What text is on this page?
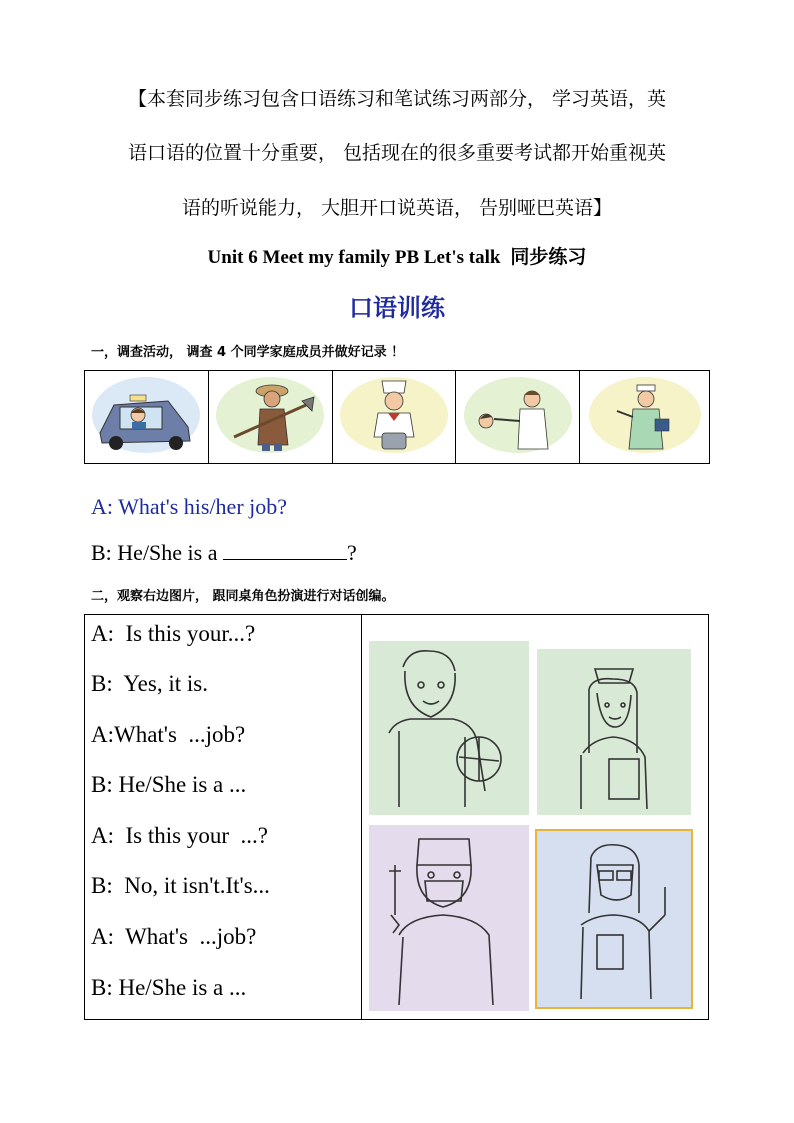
【本套同步练习包含口语练习和笔试练习两部分， 学习英语，英
语口语的位置十分重要， 包括现在的很多重要考试都开始重视英
语的听说能力， 大胆开口说英语， 告别哑巴英语】
Unit 6 Meet my family PB Let's talk 同步练习
口语训练
一，调查活动， 调查 4 个同学家庭成员并做好记录 ！

A: What's his/her job?
B: He/She is a	?
二，观察右边图片， 跟同桌角色扮演进行对话创编。
A:  Is this your...?
B:  Yes, it is.
A:What's  ...job?
B: He/She is a ...
A:  Is this your  ...?
B:  No, it isn't.It's...
A:  What's  ...job?
B: He/She is a ...
